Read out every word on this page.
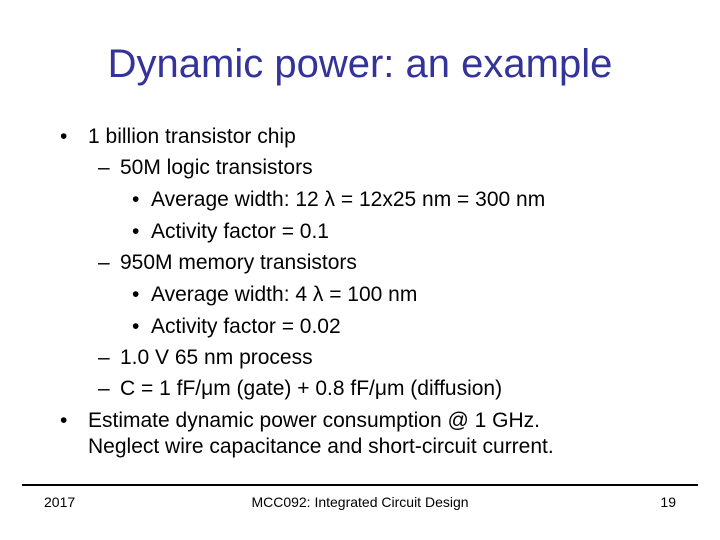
Dynamic power: an example
• 1 billion transistor chip
– 50M logic transistors
• Average width: 12 λ = 12x25 nm = 300 nm
• Activity factor = 0.1
– 950M memory transistors
• Average width: 4 λ = 100 nm
• Activity factor = 0.02
– 1.0 V 65 nm process
– C = 1 fF/μm (gate) + 0.8 fF/μm (diffusion)
• Estimate dynamic power consumption @ 1 GHz.
Neglect wire capacitance and short-circuit current.
2017	MCC092: Integrated Circuit Design	19
